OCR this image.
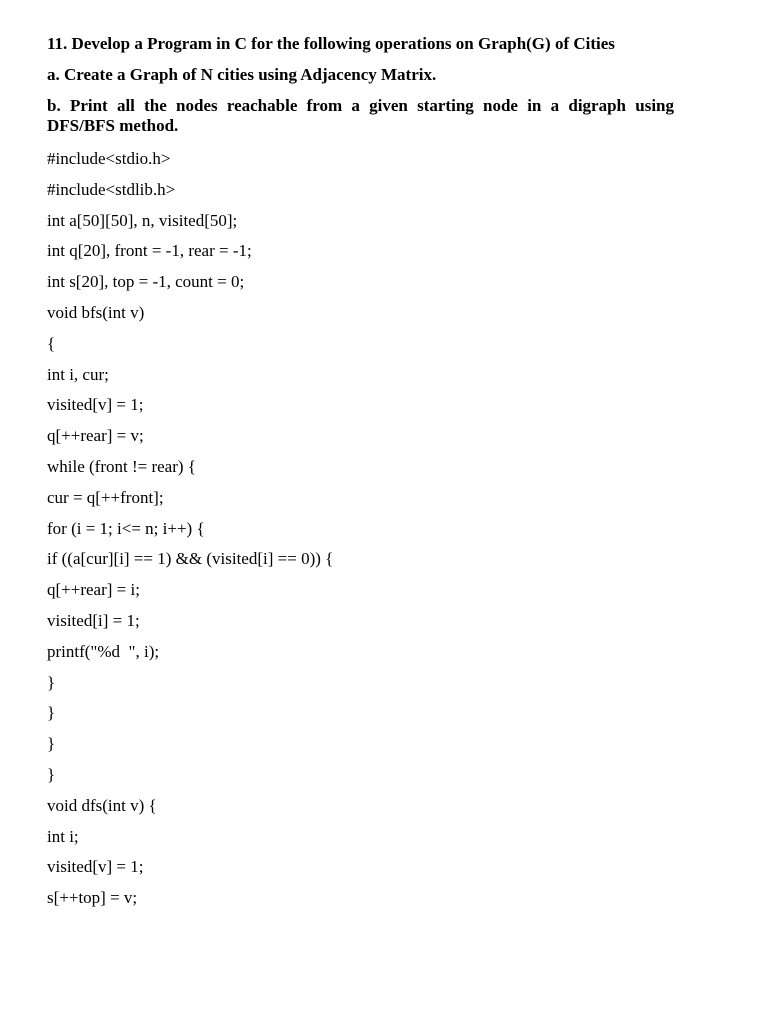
11. Develop a Program in C for the following operations on Graph(G) of Cities

a. Create a Graph of N cities using Adjacency Matrix.

b. Print all the nodes reachable from a given starting node in a digraph using DFS/BFS method.

#include<stdio.h>
#include<stdlib.h>
int a[50][50], n, visited[50];
int q[20], front = -1, rear = -1;
int s[20], top = -1, count = 0;
void bfs(int v)
{
int i, cur;
visited[v] = 1;
q[++rear] = v;
while (front != rear) {
cur = q[++front];
for (i = 1; i<= n; i++) {
if ((a[cur][i] == 1) && (visited[i] == 0)) {
q[++rear] = i;
visited[i] = 1;
printf("%d  ", i);
}
}
}
}
void dfs(int v) {
int i;
visited[v] = 1;
s[++top] = v;
